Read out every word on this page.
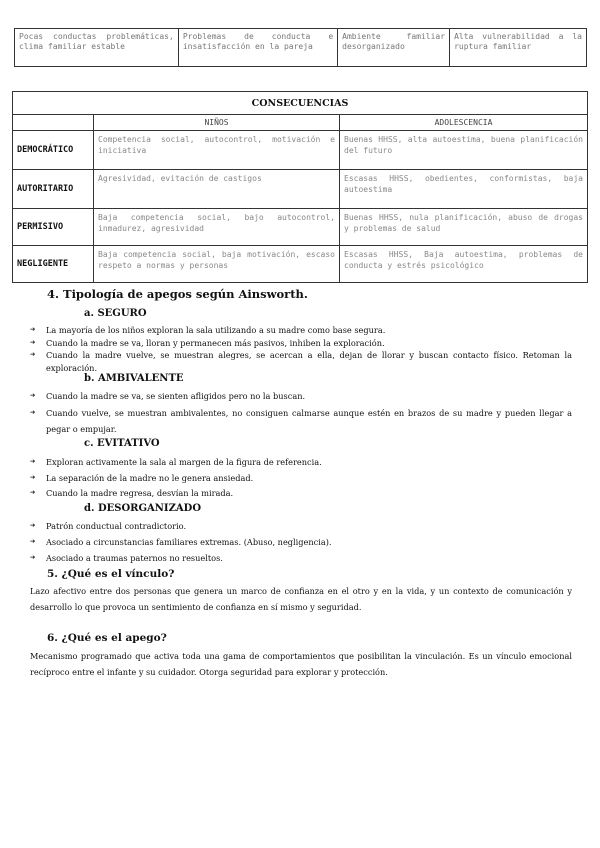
Pocas conductas problemáticas, clima familiar estable	Problemas de conducta e insatisfacción en la pareja	Ambiente familiar desorganizado	Alta vulnerabilidad a la ruptura familiar
CONSECUENCIAS		
	NIÑOS	ADOLESCENCIA
DEMOCRÁTICO	Competencia social, autocontrol, motivación e iniciativa	Buenas HHSS, alta autoestima, buena planificación del futuro
AUTORITARIO	Agresividad, evitación de castigos	Escasas HHSS, obedientes, conformistas, baja autoestima
PERMISIVO	Baja competencia social, bajo autocontrol, inmadurez, agresividad	Buenas HHSS, nula planificación, abuso de drogas y problemas de salud
NEGLIGENTE	Baja competencia social, baja motivación, escaso respeto a normas y personas	Escasas HHSS, Baja autoestima, problemas de conducta y estrés psicológico
4. Tipología de apegos según Ainsworth.
a. SEGURO
➔ La mayoría de los niños exploran la sala utilizando a su madre como base segura.
➔ Cuando la madre se va, lloran y permanecen más pasivos, inhiben la exploración.
➔ Cuando la madre vuelve, se muestran alegres, se acercan a ella, dejan de llorar y buscan contacto físico. Retoman la exploración.
b. AMBIVALENTE
➔ Cuando la madre se va, se sienten afligidos pero no la buscan.
➔ Cuando vuelve, se muestran ambivalentes, no consiguen calmarse aunque estén en brazos de su madre y pueden llegar a pegar o empujar.
c. EVITATIVO
➔ Exploran activamente la sala al margen de la figura de referencia.
➔ La separación de la madre no le genera ansiedad.
➔ Cuando la madre regresa, desvían la mirada.
d. DESORGANIZADO
➔ Patrón conductual contradictorio.
➔ Asociado a circunstancias familiares extremas. (Abuso, negligencia).
➔ Asociado a traumas paternos no resueltos.
5. ¿Qué es el vínculo?
Lazo afectivo entre dos personas que genera un marco de confianza en el otro y en la vida, y un contexto de comunicación y desarrollo lo que provoca un sentimiento de confianza en sí mismo y seguridad.
6. ¿Qué es el apego?
Mecanismo programado que activa toda una gama de comportamientos que posibilitan la vinculación. Es un vínculo emocional recíproco entre el infante y su cuidador. Otorga seguridad para explorar y protección.
